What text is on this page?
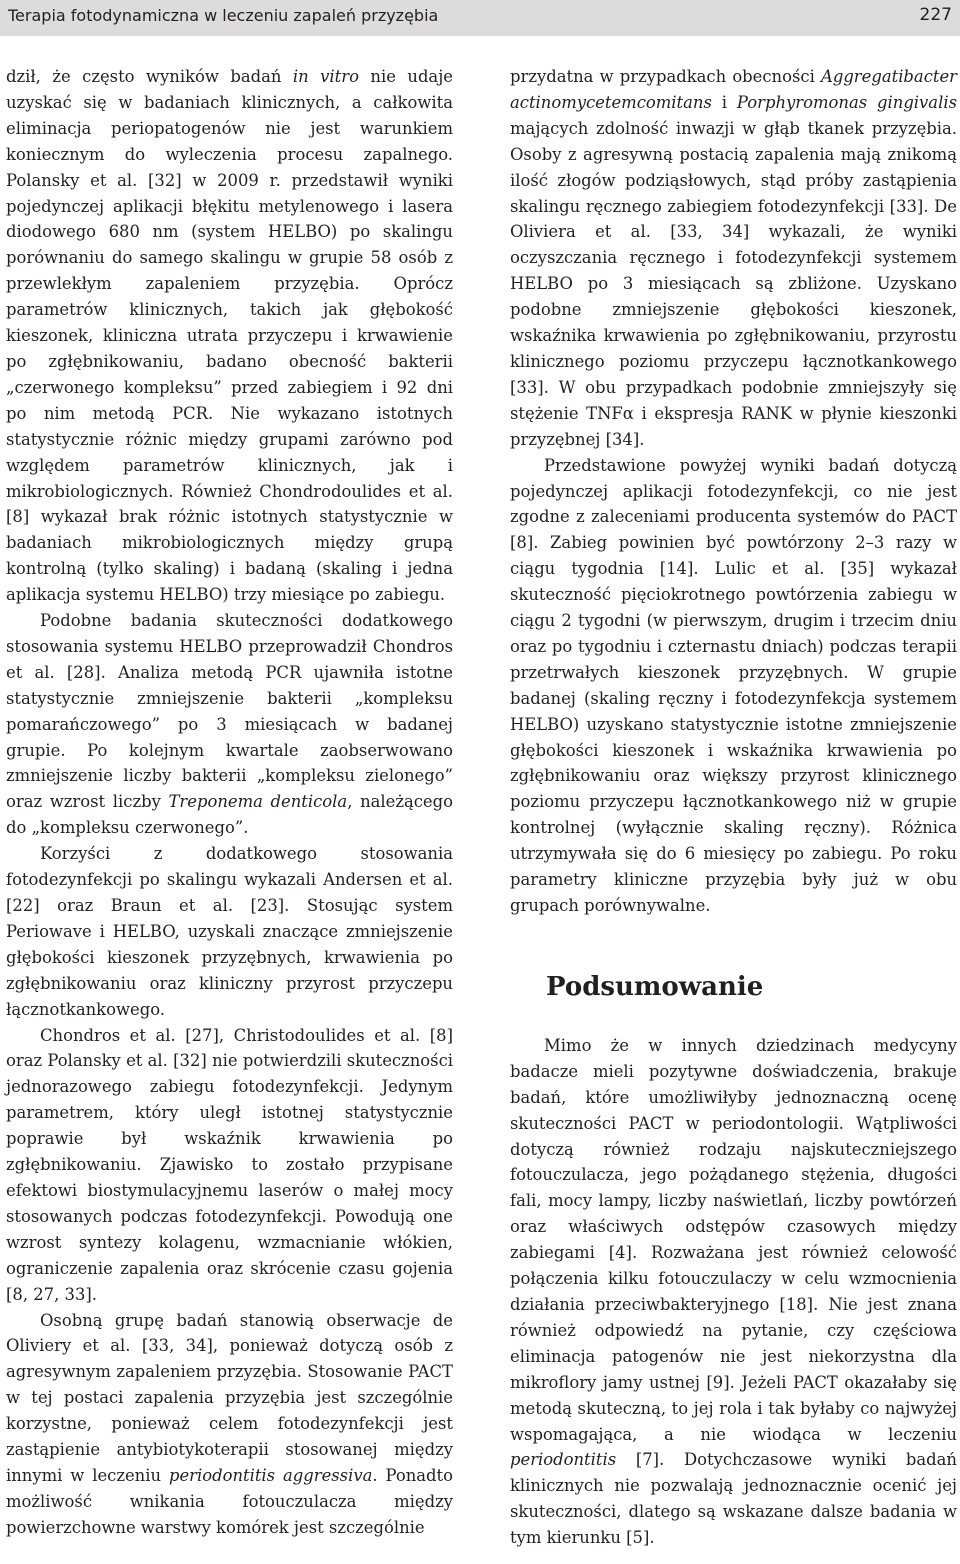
Terapia fotodynamiczna w leczeniu zapaleń przyzębia	227

dził, że często wyników badań in vitro nie udaje uzyskać się w badaniach klinicznych, a całkowita eliminacja periopatogenów nie jest warunkiem koniecznym do wyleczenia procesu zapalnego. Polansky et al. [32] w 2009 r. przedstawił wyniki pojedynczej aplikacji błękitu metylenowego i lasera diodowego 680 nm (system HELBO) po skalingu porównaniu do samego skalingu w grupie 58 osób z przewlekłym zapaleniem przyzębia. Oprócz parametrów klinicznych, takich jak głębokość kieszonek, kliniczna utrata przyczepu i krwawienie po zgłębnikowaniu, badano obecność bakterii „czerwonego kompleksu” przed zabiegiem i 92 dni po nim metodą PCR. Nie wykazano istotnych statystycznie różnic między grupami zarówno pod względem parametrów klinicznych, jak i mikrobiologicznych. Również Chondrodoulides et al. [8] wykazał brak różnic istotnych statystycznie w badaniach mikrobiologicznych między grupą kontrolną (tylko skaling) i badaną (skaling i jedna aplikacja systemu HELBO) trzy miesiące po zabiegu.

Podobne badania skuteczności dodatkowego stosowania systemu HELBO przeprowadził Chondros et al. [28]. Analiza metodą PCR ujawniła istotne statystycznie zmniejszenie bakterii „kompleksu pomarańczowego” po 3 miesiącach w badanej grupie. Po kolejnym kwartale zaobserwowano zmniejszenie liczby bakterii „kompleksu zielonego” oraz wzrost liczby Treponema denticola, należącego do „kompleksu czerwonego”.

Korzyści z dodatkowego stosowania fotodezynfekcji po skalingu wykazali Andersen et al. [22] oraz Braun et al. [23]. Stosując system Periowave i HELBO, uzyskali znaczące zmniejszenie głębokości kieszonek przyzębnych, krwawienia po zgłębnikowaniu oraz kliniczny przyrost przyczepu łącznotkankowego.

Chondros et al. [27], Christodoulides et al. [8] oraz Polansky et al. [32] nie potwierdzili skuteczności jednorazowego zabiegu fotodezynfekcji. Jedynym parametrem, który uległ istotnej statystycznie poprawie był wskaźnik krwawienia po zgłębnikowaniu. Zjawisko to zostało przypisane efektowi biostymulacyjnemu laserów o małej mocy stosowanych podczas fotodezynfekcji. Powodują one wzrost syntezy kolagenu, wzmacnianie włókien, ograniczenie zapalenia oraz skrócenie czasu gojenia [8, 27, 33].

Osobną grupę badań stanowią obserwacje de Oliviery et al. [33, 34], ponieważ dotyczą osób z agresywnym zapaleniem przyzębia. Stosowanie PACT w tej postaci zapalenia przyzębia jest szczególnie korzystne, ponieważ celem fotodezynfekcji jest zastąpienie antybiotykoterapii stosowanej między innymi w leczeniu periodontitis aggressiva. Ponadto możliwość wnikania fotouczulacza między powierzchowne warstwy komórek jest szczególnie

przydatna w przypadkach obecności Aggregatibacter actinomycetemcomitans i Porphyromonas gingivalis mających zdolność inwazji w głąb tkanek przyzębia. Osoby z agresywną postacią zapalenia mają znikomą ilość złogów podziąsłowych, stąd próby zastąpienia skalingu ręcznego zabiegiem fotodezynfekcji [33]. De Oliviera et al. [33, 34] wykazali, że wyniki oczyszczania ręcznego i fotodezynfekcji systemem HELBO po 3 miesiącach są zbliżone. Uzyskano podobne zmniejszenie głębokości kieszonek, wskaźnika krwawienia po zgłębnikowaniu, przyrostu klinicznego poziomu przyczepu łącznotkankowego [33]. W obu przypadkach podobnie zmniejszyły się stężenie TNFα i ekspresja RANK w płynie kieszonki przyzębnej [34].

Przedstawione powyżej wyniki badań dotyczą pojedynczej aplikacji fotodezynfekcji, co nie jest zgodne z zaleceniami producenta systemów do PACT [8]. Zabieg powinien być powtórzony 2–3 razy w ciągu tygodnia [14]. Lulic et al. [35] wykazał skuteczność pięciokrotnego powtórzenia zabiegu w ciągu 2 tygodni (w pierwszym, drugim i trzecim dniu oraz po tygodniu i czternastu dniach) podczas terapii przetrwałych kieszonek przyzębnych. W grupie badanej (skaling ręczny i fotodezynfekcja systemem HELBO) uzyskano statystycznie istotne zmniejszenie głębokości kieszonek i wskaźnika krwawienia po zgłębnikowaniu oraz większy przyrost klinicznego poziomu przyczepu łącznotkankowego niż w grupie kontrolnej (wyłącznie skaling ręczny). Różnica utrzymywała się do 6 miesięcy po zabiegu. Po roku parametry kliniczne przyzębia były już w obu grupach porównywalne.

Podsumowanie

Mimo że w innych dziedzinach medycyny badacze mieli pozytywne doświadczenia, brakuje badań, które umożliwiłyby jednoznaczną ocenę skuteczności PACT w periodontologii. Wątpliwości dotyczą również rodzaju najskuteczniejszego fotouczulacza, jego pożądanego stężenia, długości fali, mocy lampy, liczby naświetlań, liczby powtórzeń oraz właściwych odstępów czasowych między zabiegami [4]. Rozważana jest również celowość połączenia kilku fotouczulaczy w celu wzmocnienia działania przeciwbakteryjnego [18]. Nie jest znana również odpowiedź na pytanie, czy częściowa eliminacja patogenów nie jest niekorzystna dla mikroflory jamy ustnej [9]. Jeżeli PACT okazałaby się metodą skuteczną, to jej rola i tak byłaby co najwyżej wspomagająca, a nie wiodąca w leczeniu periodontitis [7]. Dotychczasowe wyniki badań klinicznych nie pozwalają jednoznacznie ocenić jej skuteczności, dlatego są wskazane dalsze badania w tym kierunku [5].
